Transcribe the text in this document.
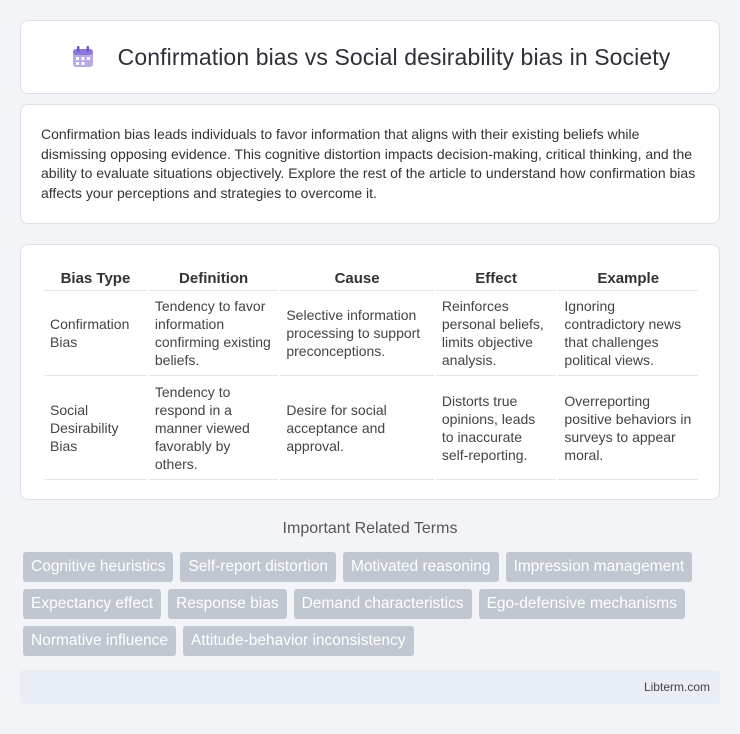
Confirmation bias vs Social desirability bias in Society

Confirmation bias leads individuals to favor information that aligns with their existing beliefs while dismissing opposing evidence. This cognitive distortion impacts decision-making, critical thinking, and the ability to evaluate situations objectively. Explore the rest of the article to understand how confirmation bias affects your perceptions and strategies to overcome it.

Bias Type	Definition	Cause	Effect	Example
Confirmation Bias	Tendency to favor information confirming existing beliefs.	Selective information processing to support preconceptions.	Reinforces personal beliefs, limits objective analysis.	Ignoring contradictory news that challenges political views.
Social Desirability Bias	Tendency to respond in a manner viewed favorably by others.	Desire for social acceptance and approval.	Distorts true opinions, leads to inaccurate self-reporting.	Overreporting positive behaviors in surveys to appear moral.
Important Related Terms
Cognitive heuristics	Self-report distortion	Motivated reasoning	Impression management
Expectancy effect	Response bias	Demand characteristics	Ego-defensive mechanisms
Normative influence	Attitude-behavior inconsistency
Libterm.com
